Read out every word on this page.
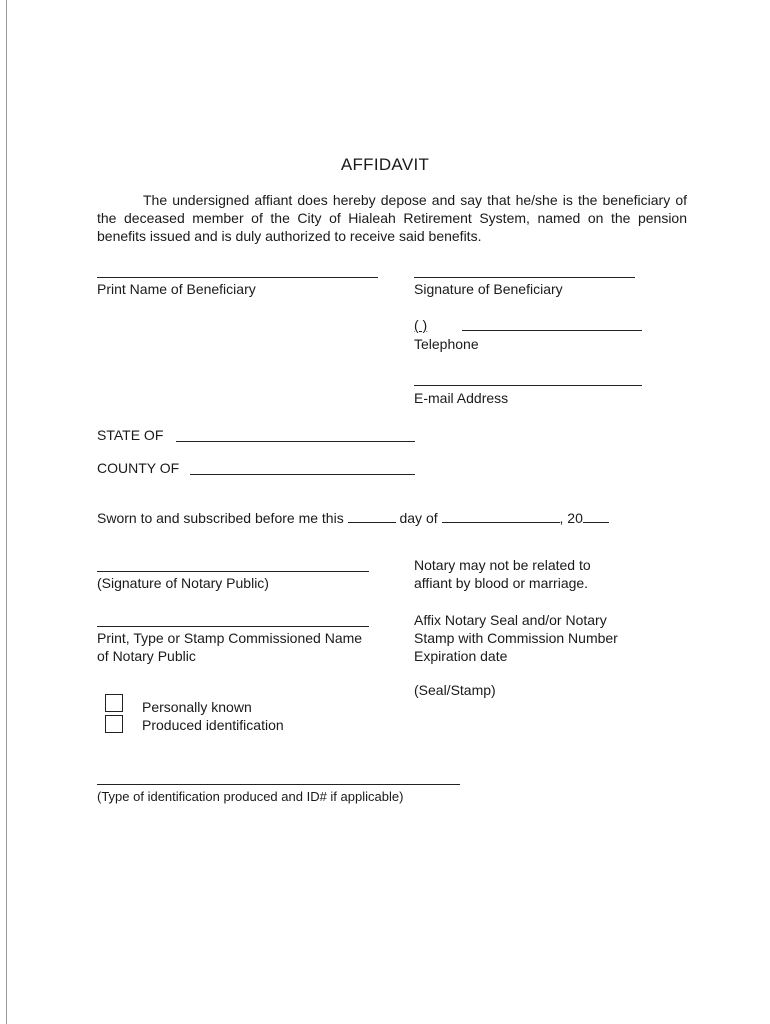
AFFIDAVIT
The undersigned affiant does hereby depose and say that he/she is the beneficiary of the deceased member of the City of Hialeah Retirement System, named on the pension benefits issued and is duly authorized to receive said benefits.
Print Name of Beneficiary	Signature of Beneficiary
( )
Telephone
E-mail Address
STATE OF
COUNTY OF
Sworn to and subscribed before me this	day of	, 20
(Signature of Notary Public)
Notary may not be related to
affiant by blood or marriage.
Print, Type or Stamp Commissioned Name
of Notary Public
Affix Notary Seal and/or Notary
Stamp with Commission Number
Expiration date
(Seal/Stamp)
Personally known
Produced identification
(Type of identification produced and ID# if applicable)
